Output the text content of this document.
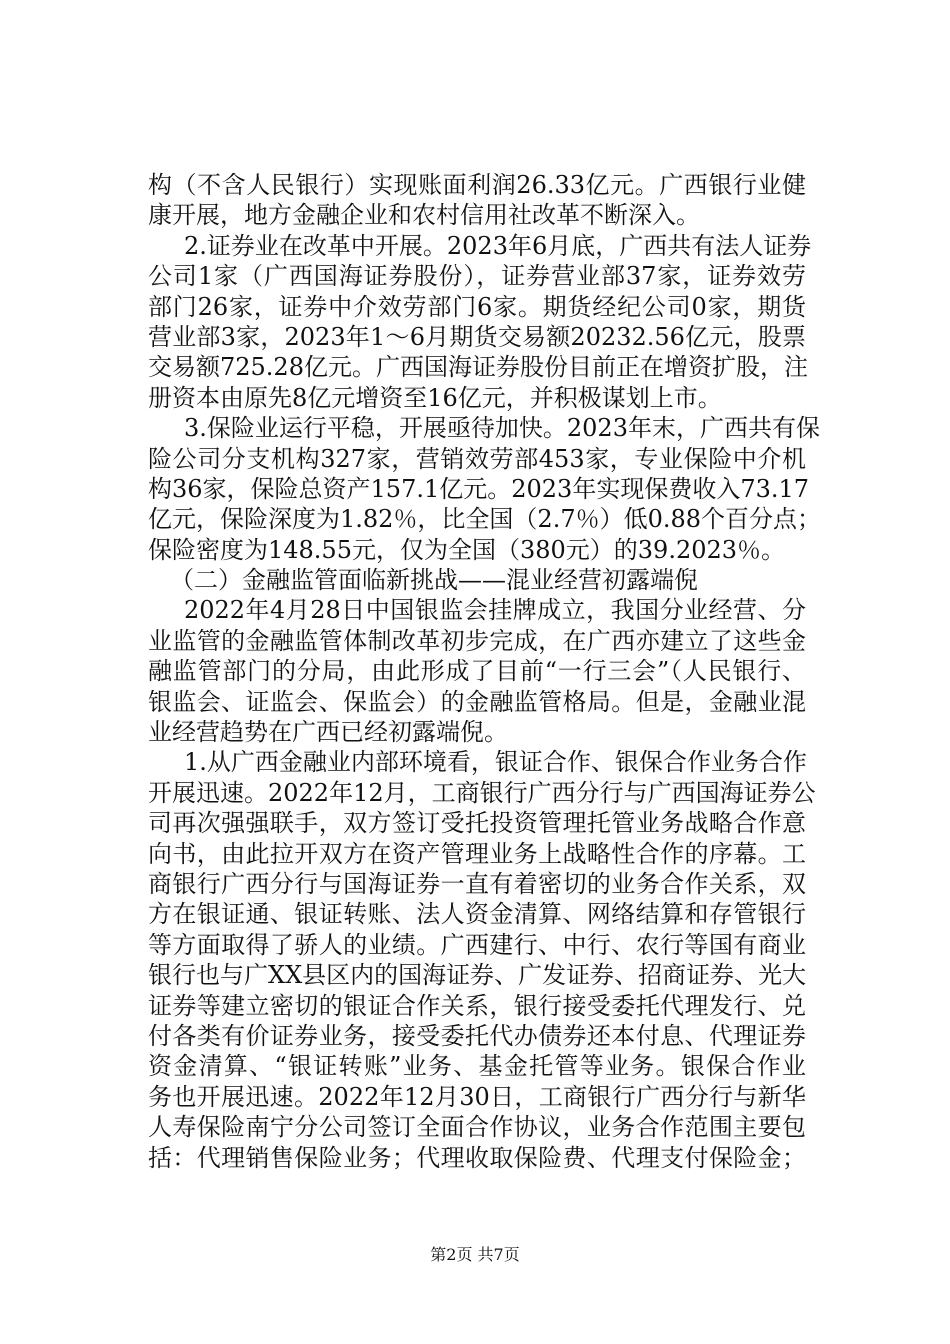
构（不含人民银行）实现账面利润26.33亿元。广西银行业健
康开展，地方金融企业和农村信用社改革不断深入。
2.证券业在改革中开展。2023年6月底，广西共有法人证券
公司1家（广西国海证券股份），证券营业部37家，证券效劳
部门26家，证券中介效劳部门6家。期货经纪公司0家，期货
营业部3家，2023年1～6月期货交易额20232.56亿元，股票
交易额725.28亿元。广西国海证券股份目前正在增资扩股，注
册资本由原先8亿元增资至16亿元，并积极谋划上市。
3.保险业运行平稳，开展亟待加快。2023年末，广西共有保
险公司分支机构327家，营销效劳部453家，专业保险中介机
构36家，保险总资产157.1亿元。2023年实现保费收入73.17
亿元，保险深度为1.82％，比全国（2.7％）低0.88个百分点；
保险密度为148.55元，仅为全国（380元）的39.2023％。
（二）金融监管面临新挑战——混业经营初露端倪
2022年4月28日中国银监会挂牌成立，我国分业经营、分
业监管的金融监管体制改革初步完成，在广西亦建立了这些金
融监管部门的分局，由此形成了目前“一行三会”（人民银行、
银监会、证监会、保监会）的金融监管格局。但是，金融业混
业经营趋势在广西已经初露端倪。
1.从广西金融业内部环境看，银证合作、银保合作业务合作
开展迅速。2022年12月，工商银行广西分行与广西国海证券公
司再次强强联手，双方签订受托投资管理托管业务战略合作意
向书，由此拉开双方在资产管理业务上战略性合作的序幕。工
商银行广西分行与国海证券一直有着密切的业务合作关系，双
方在银证通、银证转账、法人资金清算、网络结算和存管银行
等方面取得了骄人的业绩。广西建行、中行、农行等国有商业
银行也与广XX县区内的国海证券、广发证券、招商证券、光大
证券等建立密切的银证合作关系，银行接受委托代理发行、兑
付各类有价证券业务，接受委托代办债券还本付息、代理证券
资金清算、“银证转账”业务、基金托管等业务。银保合作业
务也开展迅速。2022年12月30日，工商银行广西分行与新华
人寿保险南宁分公司签订全面合作协议，业务合作范围主要包
括：代理销售保险业务；代理收取保险费、代理支付保险金；
第2页 共7页
